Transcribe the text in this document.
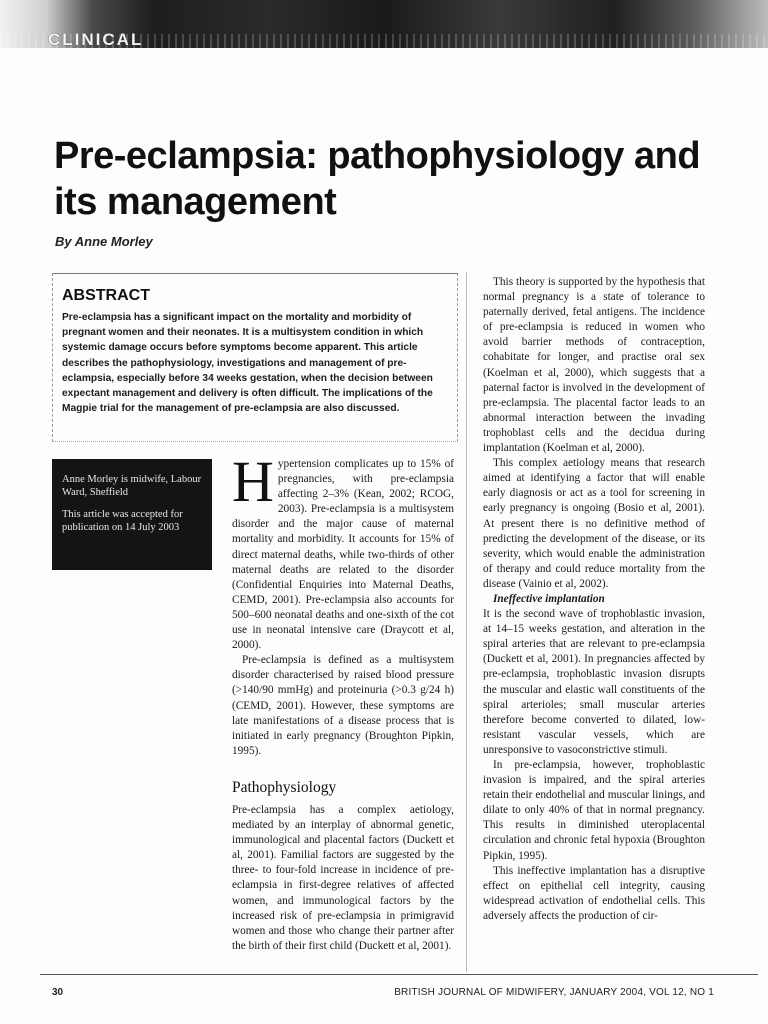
CLINICAL
Pre-eclampsia: pathophysiology and its management
By Anne Morley
ABSTRACT

Pre-eclampsia has a significant impact on the mortality and morbidity of pregnant women and their neonates. It is a multisystem condition in which systemic damage occurs before symptoms become apparent. This article describes the pathophysiology, investigations and management of pre-eclampsia, especially before 34 weeks gestation, when the decision between expectant management and delivery is often difficult. The implications of the Magpie trial for the management of pre-eclampsia are also discussed.

Anne Morley is midwife, Labour Ward, Sheffield

This article was accepted for publication on 14 July 2003

H ypertension complicates up to 15% of pregnancies, with pre-eclampsia affecting 2–3% (Kean, 2002; RCOG, 2003). Pre-eclampsia is a multisystem disorder and the major cause of maternal mortality and morbidity. It accounts for 15% of direct maternal deaths, while two-thirds of other maternal deaths are related to the disorder (Confidential Enquiries into Maternal Deaths, CEMD, 2001). Pre-eclampsia also accounts for 500–600 neonatal deaths and one-sixth of the cot use in neonatal intensive care (Draycott et al, 2000).

Pre-eclampsia is defined as a multisystem disorder characterised by raised blood pressure (>140/90 mmHg) and proteinuria (>0.3 g/24 h) (CEMD, 2001). However, these symptoms are late manifestations of a disease process that is initiated in early pregnancy (Broughton Pipkin, 1995).

Pathophysiology

Pre-eclampsia has a complex aetiology, mediated by an interplay of abnormal genetic, immunological and placental factors (Duckett et al, 2001). Familial factors are suggested by the three- to four-fold increase in incidence of pre-eclampsia in first-degree relatives of affected women, and immunological factors by the increased risk of pre-eclampsia in primigravid women and those who change their partner after the birth of their first child (Duckett et al, 2001).

This theory is supported by the hypothesis that normal pregnancy is a state of tolerance to paternally derived, fetal antigens. The incidence of pre-eclampsia is reduced in women who avoid barrier methods of contraception, cohabitate for longer, and practise oral sex (Koelman et al, 2000), which suggests that a paternal factor is involved in the development of pre-eclampsia. The placental factor leads to an abnormal interaction between the invading trophoblast cells and the decidua during implantation (Koelman et al, 2000).

This complex aetiology means that research aimed at identifying a factor that will enable early diagnosis or act as a tool for screening in early pregnancy is ongoing (Bosio et al, 2001). At present there is no definitive method of predicting the development of the disease, or its severity, which would enable the administration of therapy and could reduce mortality from the disease (Vainio et al, 2002).

Ineffective implantation

It is the second wave of trophoblastic invasion, at 14–15 weeks gestation, and alteration in the spiral arteries that are relevant to pre-eclampsia (Duckett et al, 2001). In pregnancies affected by pre-eclampsia, trophoblastic invasion disrupts the muscular and elastic wall constituents of the spiral arterioles; small muscular arteries therefore become converted to dilated, low-resistant vascular vessels, which are unresponsive to vasoconstrictive stimuli.

In pre-eclampsia, however, trophoblastic invasion is impaired, and the spiral arteries retain their endothelial and muscular linings, and dilate to only 40% of that in normal pregnancy. This results in diminished uteroplacental circulation and chronic fetal hypoxia (Broughton Pipkin, 1995).

This ineffective implantation has a disruptive effect on epithelial cell integrity, causing widespread activation of endothelial cells. This adversely affects the production of cir-

30	BRITISH JOURNAL OF MIDWIFERY, JANUARY 2004, VOL 12, NO 1
